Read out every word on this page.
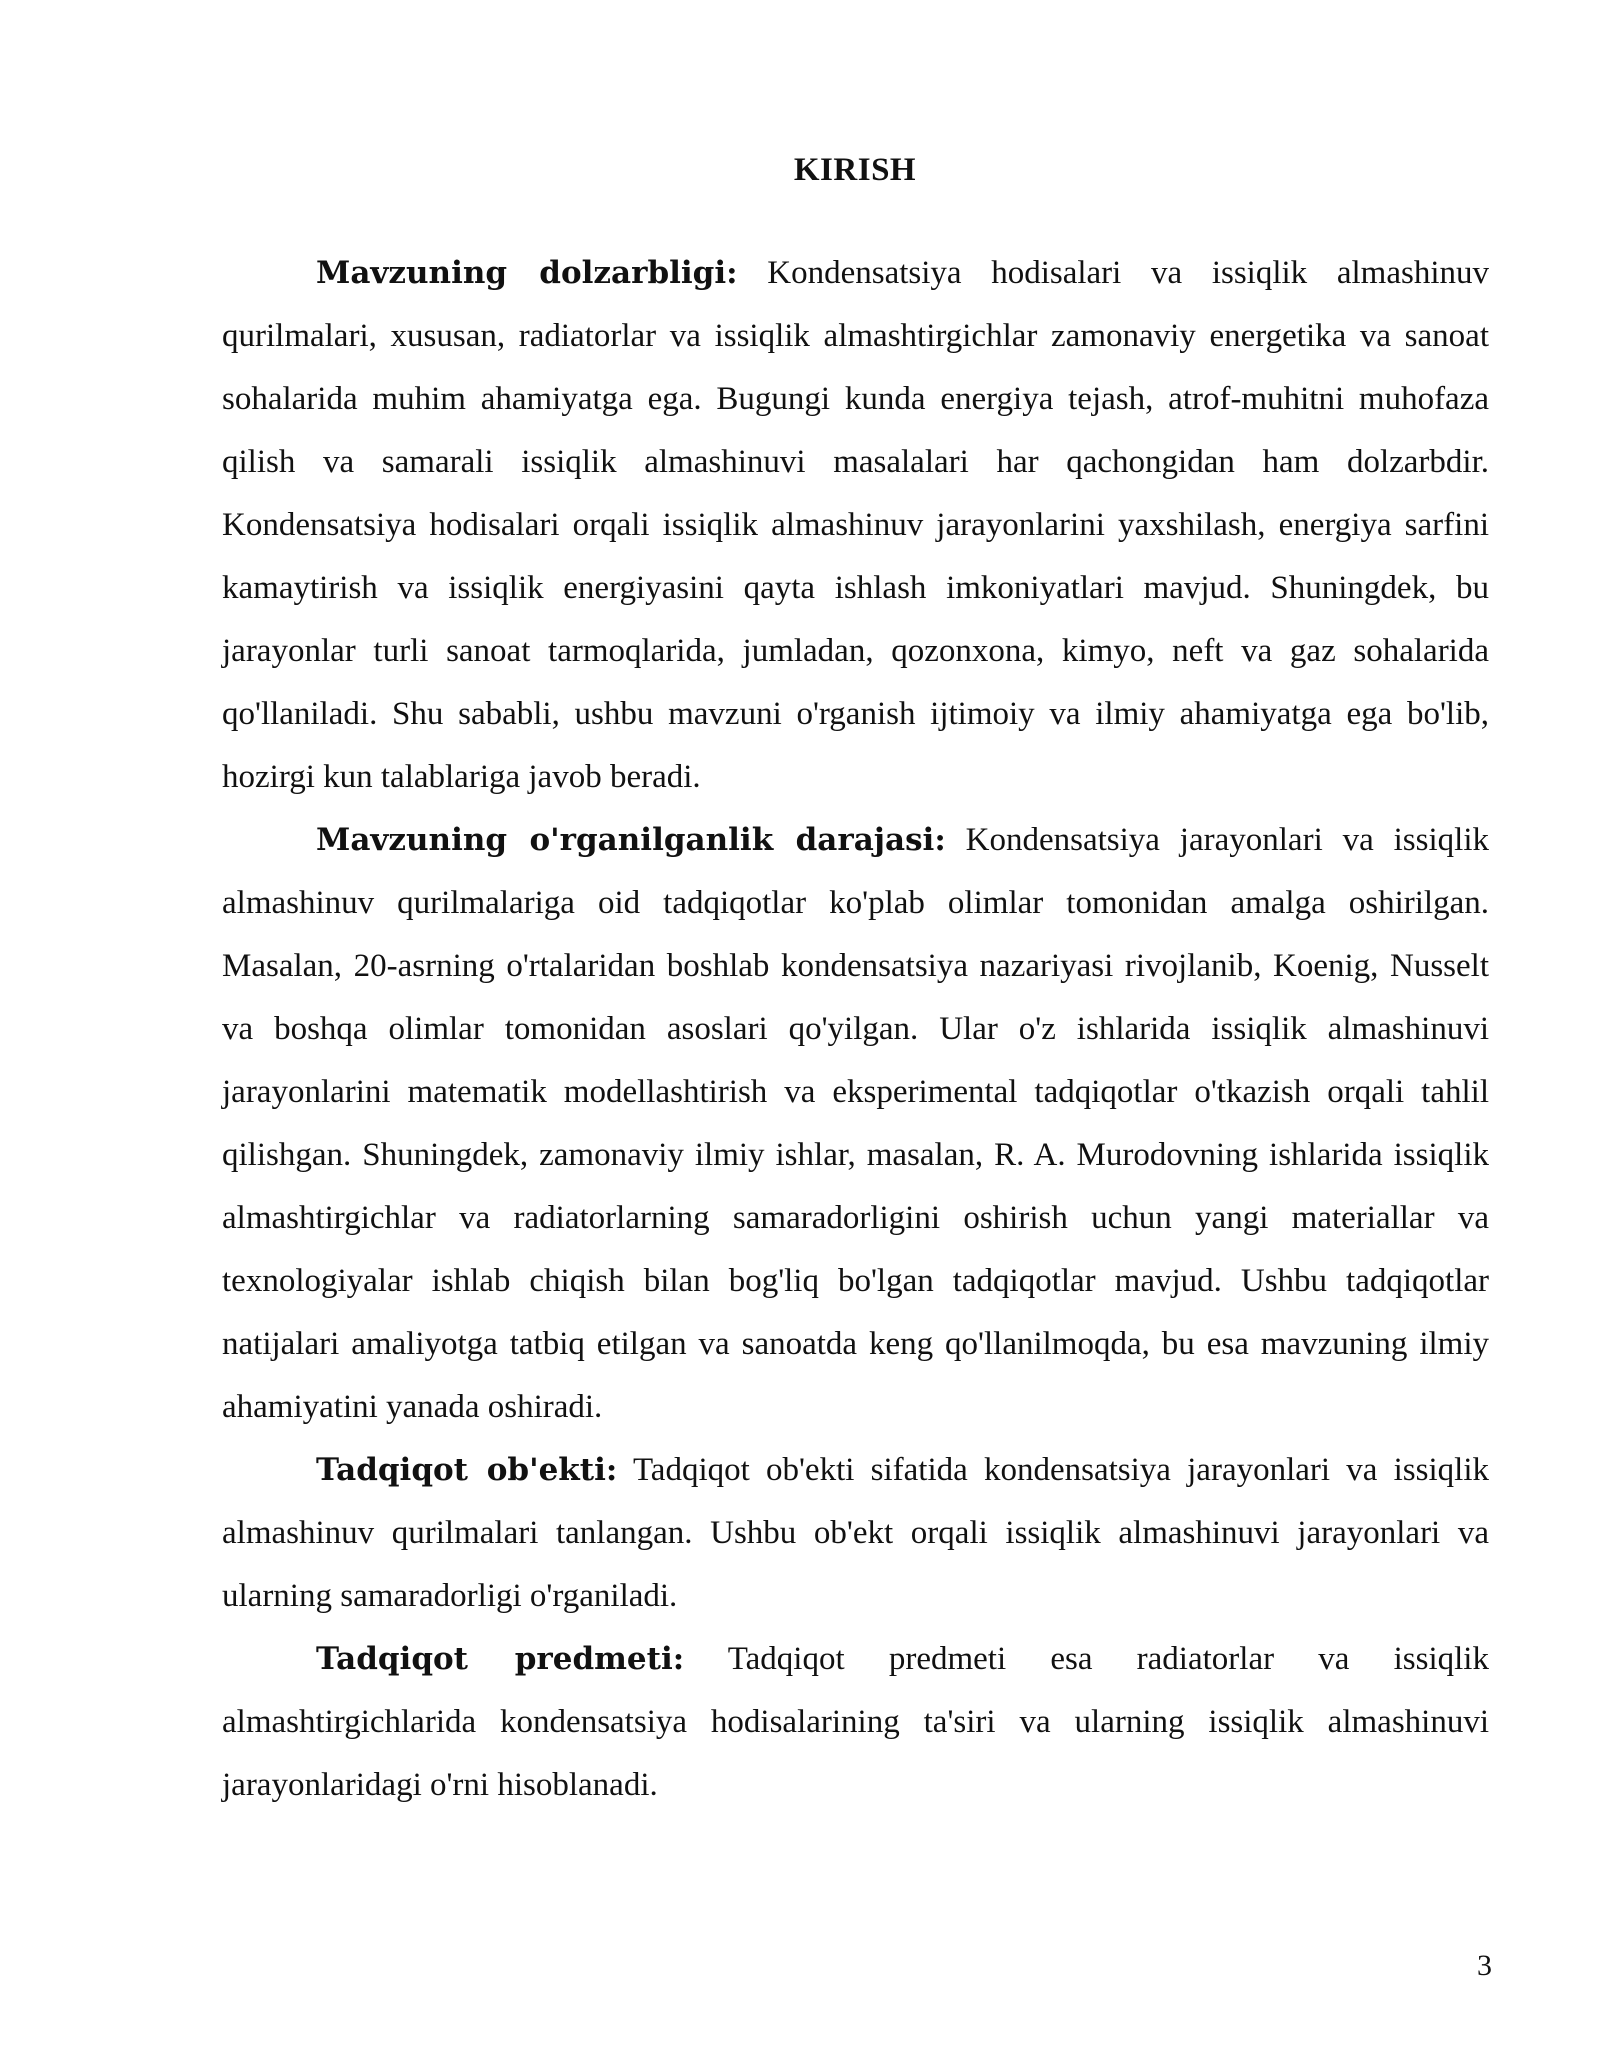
KIRISH

Mavzuning dolzarbligi: Kondensatsiya hodisalari va issiqlik almashinuv qurilmalari, xususan, radiatorlar va issiqlik almashtirgichlar zamonaviy energetika va sanoat sohalarida muhim ahamiyatga ega. Bugungi kunda energiya tejash, atrof-muhitni muhofaza qilish va samarali issiqlik almashinuvi masalalari har qachongidan ham dolzarbdir. Kondensatsiya hodisalari orqali issiqlik almashinuv jarayonlarini yaxshilash, energiya sarfini kamaytirish va issiqlik energiyasini qayta ishlash imkoniyatlari mavjud. Shuningdek, bu jarayonlar turli sanoat tarmoqlarida, jumladan, qozonxona, kimyo, neft va gaz sohalarida qo'llaniladi. Shu sababli, ushbu mavzuni o'rganish ijtimoiy va ilmiy ahamiyatga ega bo'lib, hozirgi kun talablariga javob beradi.

Mavzuning o'rganilganlik darajasi: Kondensatsiya jarayonlari va issiqlik almashinuv qurilmalariga oid tadqiqotlar ko'plab olimlar tomonidan amalga oshirilgan. Masalan, 20-asrning o'rtalaridan boshlab kondensatsiya nazariyasi rivojlanib, Koenig, Nusselt va boshqa olimlar tomonidan asoslari qo'yilgan. Ular o'z ishlarida issiqlik almashinuvi jarayonlarini matematik modellashtirish va eksperimental tadqiqotlar o'tkazish orqali tahlil qilishgan. Shuningdek, zamonaviy ilmiy ishlar, masalan, R. A. Murodovning ishlarida issiqlik almashtirgichlar va radiatorlarning samaradorligini oshirish uchun yangi materiallar va texnologiyalar ishlab chiqish bilan bog'liq bo'lgan tadqiqotlar mavjud. Ushbu tadqiqotlar natijalari amaliyotga tatbiq etilgan va sanoatda keng qo'llanilmoqda, bu esa mavzuning ilmiy ahamiyatini yanada oshiradi.

Tadqiqot ob'ekti: Tadqiqot ob'ekti sifatida kondensatsiya jarayonlari va issiqlik almashinuv qurilmalari tanlangan. Ushbu ob'ekt orqali issiqlik almashinuvi jarayonlari va ularning samaradorligi o'rganiladi.

Tadqiqot predmeti: Tadqiqot predmeti esa radiatorlar va issiqlik almashtirgichlarida kondensatsiya hodisalarining ta'siri va ularning issiqlik almashinuvi jarayonlaridagi o'rni hisoblanadi.

3
